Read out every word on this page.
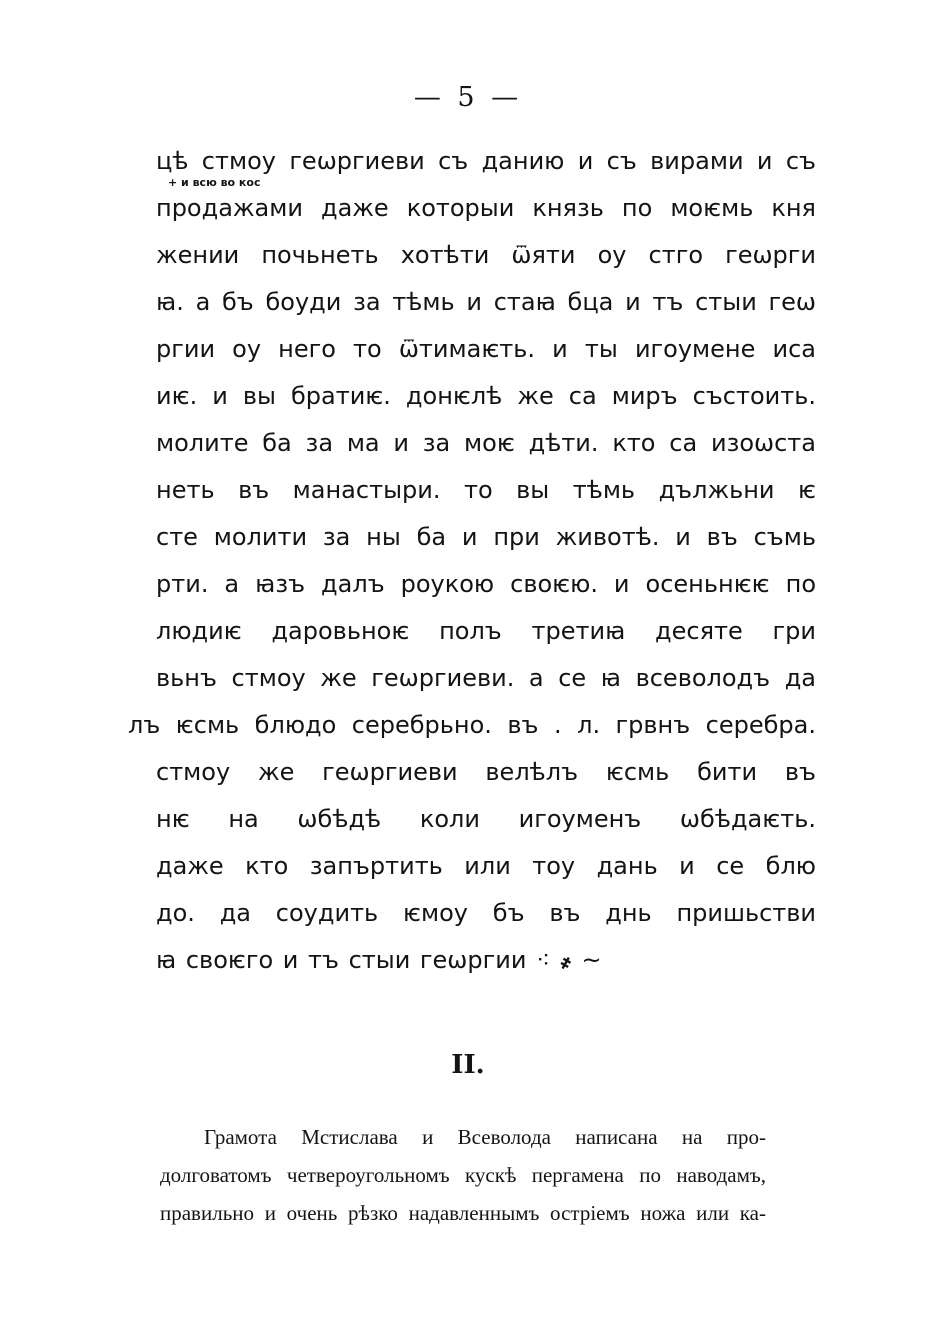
— 5 —
+ и всю во кос
цѣ стмоу геѡргиеви съ данию и съ вирами и съ
продажами даже которыи князь по моѥмь кня
жении почьнеть хотѣти ѿяти оу стго геѡрги
ꙗ. а бъ боуди за тѣмь и стаꙗ бца и тъ стыи геѡ
ргии оу него то ѿтимаѥть. и ты игоумене иса
иѥ. и вы братиѥ. донѥлѣ же са миръ състоить.
молите ба за ма и за моѥ дѣти. кто са изоѡста
неть въ манастыри. то вы тѣмь дължьни ѥ
сте молити за ны ба и при животѣ. и въ съмь
рти. а ꙗзъ далъ роукою своѥю. и осеньнѥѥ по
людиѥ даровьноѥ полъ третиꙗ десяте гри
вьнъ стмоу же геѡргиеви. а се ꙗ всеволодъ да
лъ ѥсмь блюдо серебрьно. въ . л. грвнъ серебра.
стмоу же геѡргиеви велѣлъ ѥсмь бити въ
нѥ на ѡбѣдѣ коли игоуменъ ѡбѣдаѥть.
даже кто запъртить или тоу дань и се блю
до. да соудить ѥмоу бъ въ днь пришьстви
ꙗ своѥго и тъ стыи геѡргии ⁖ ҂ ~
II.
Грамота Мстислава и Всеволода написана на про-
долговатомъ четвероугольномъ кускѣ пергамена по наводамъ,
правильно и очень рѣзко надавленнымъ остріемъ ножа или ка-
